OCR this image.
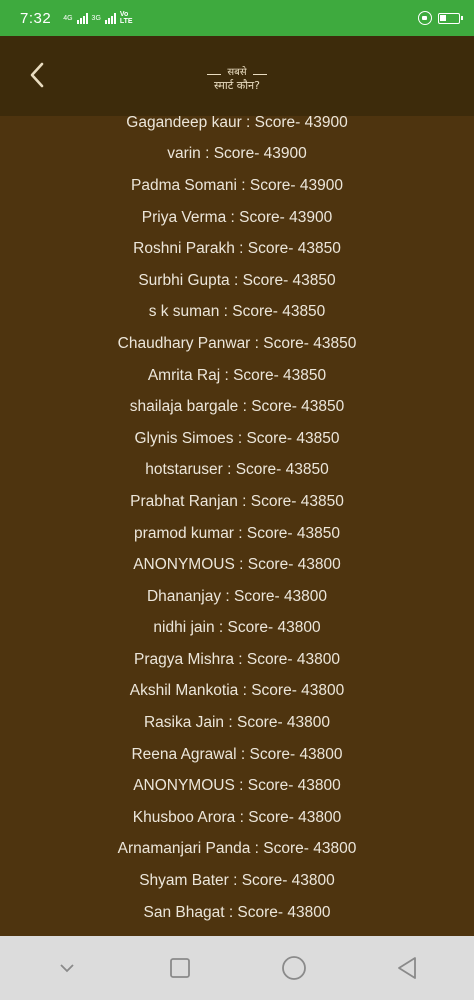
7:32 4G	3G	Vo
LTE
सबसे
स्मार्ट कौन?
Gagandeep kaur : Score- 43900
varin : Score- 43900
Padma Somani : Score- 43900
Priya Verma : Score- 43900
Roshni Parakh : Score- 43850
Surbhi Gupta : Score- 43850
s k suman : Score- 43850
Chaudhary Panwar : Score- 43850
Amrita Raj : Score- 43850
shailaja bargale : Score- 43850
Glynis Simoes : Score- 43850
hotstaruser : Score- 43850
Prabhat Ranjan : Score- 43850
pramod kumar : Score- 43850
ANONYMOUS : Score- 43800
Dhananjay : Score- 43800
nidhi jain : Score- 43800
Pragya Mishra : Score- 43800
Akshil Mankotia : Score- 43800
Rasika Jain : Score- 43800
Reena Agrawal : Score- 43800
ANONYMOUS : Score- 43800
Khusboo Arora : Score- 43800
Arnamanjari Panda : Score- 43800
Shyam Bater : Score- 43800
San Bhagat : Score- 43800
